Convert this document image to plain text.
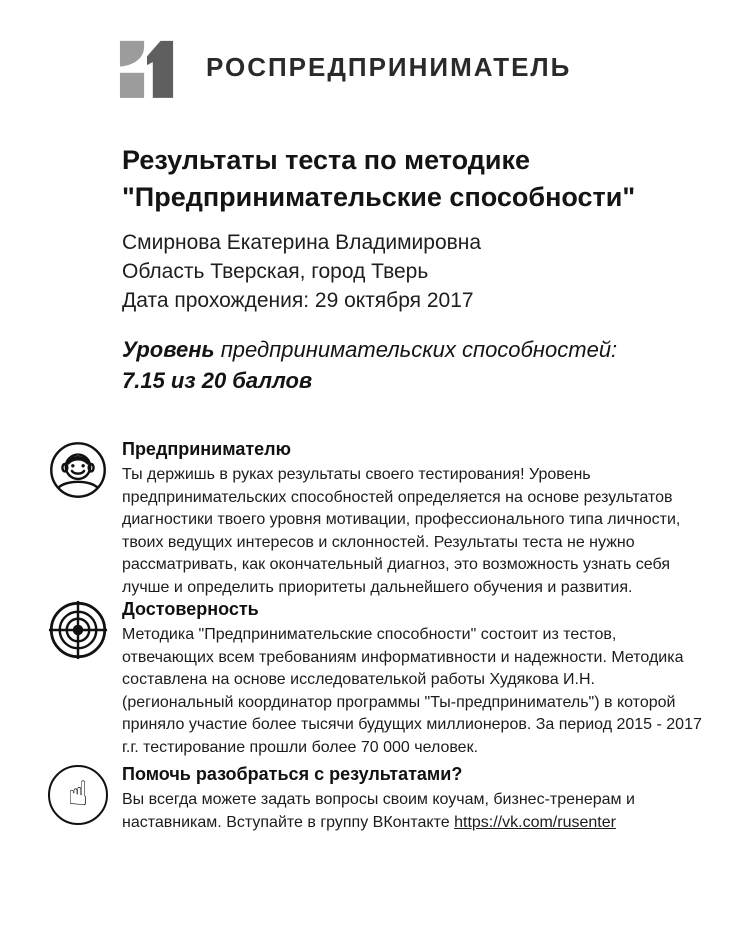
РОСПРЕДПРИНИМАТЕЛЬ
Результаты теста по методике
"Предпринимательские способности"
Смирнова Екатерина Владимировна
Область Тверская, город Тверь
Дата прохождения: 29 октября 2017
Уровень предпринимательских способностей:
7.15 из 20 баллов
Предпринимателю

Ты держишь в руках результаты своего тестирования! Уровень предпринимательских способностей определяется на основе результатов диагностики твоего уровня мотивации, профессионального типа личности, твоих ведущих интересов и склонностей. Результаты теста не нужно рассматривать, как окончательный диагноз, это возможность узнать себя лучше и определить приоритеты дальнейшего обучения и развития.

Достоверность

Методика "Предпринимательские способности" состоит из тестов, отвечающих всем требованиям информативности и надежности. Методика составлена на основе исследователькой работы Худякова И.Н. (региональный координатор программы "Ты-предприниматель") в которой приняло участие более тысячи будущих миллионеров. За период 2015 - 2017 г.г. тестирование прошли более 70 000 человек.

☝ Помочь разобраться с результатами?

Вы всегда можете задать вопросы своим коучам, бизнес-тренерам и наставникам. Вступайте в группу ВКонтакте https://vk.com/rusenter
